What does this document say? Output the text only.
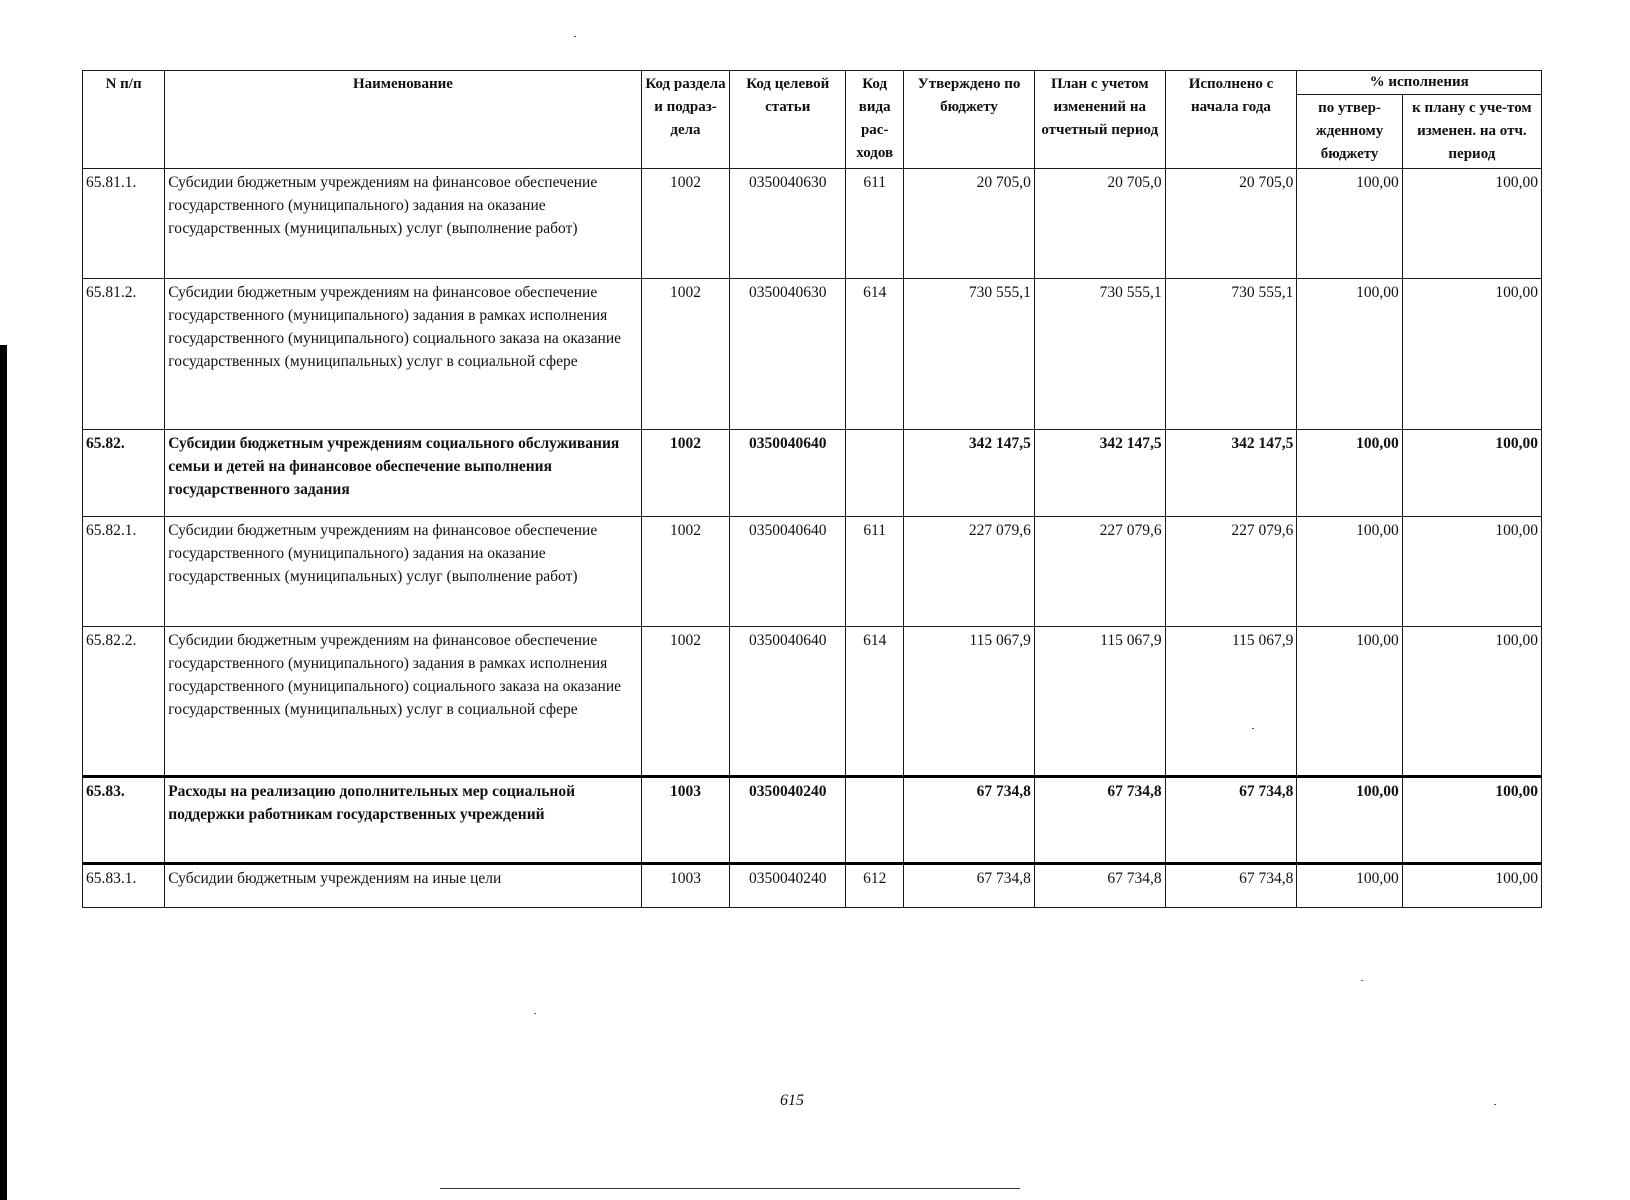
N п/п	Наименование	Код раздела и подраз-дела	Код целевой статьи	Код вида рас-ходов	Утверждено по бюджету	План с учетом изменений на отчетный период	Исполнено с начала года	% исполнения	
								по утвер-жденному бюджету	к плану с уче-том изменен. на отч. период
65.81.1.	Субсидии бюджетным учреждениям на финансовое обеспечение государственного (муниципального) задания на оказание государственных (муниципальных) услуг (выполнение работ)	1002	0350040630	611	20 705,0	20 705,0	20 705,0	100,00	100,00
65.81.2.	Субсидии бюджетным учреждениям на финансовое обеспечение государственного (муниципального) задания в рамках исполнения государственного (муниципального) социального заказа на оказание государственных (муниципальных) услуг в социальной сфере	1002	0350040630	614	730 555,1	730 555,1	730 555,1	100,00	100,00
65.82.	Субсидии бюджетным учреждениям социального обслуживания семьи и детей на финансовое обеспечение выполнения государственного задания	1002	0350040640		342 147,5	342 147,5	342 147,5	100,00	100,00
65.82.1.	Субсидии бюджетным учреждениям на финансовое обеспечение государственного (муниципального) задания на оказание государственных (муниципальных) услуг (выполнение работ)	1002	0350040640	611	227 079,6	227 079,6	227 079,6	100,00	100,00
65.82.2.	Субсидии бюджетным учреждениям на финансовое обеспечение государственного (муниципального) задания в рамках исполнения государственного (муниципального) социального заказа на оказание государственных (муниципальных) услуг в социальной сфере	1002	0350040640	614	115 067,9	115 067,9	115 067,9	100,00	100,00
65.83.	Расходы на реализацию дополнительных мер социальной поддержки работникам государственных учреждений	1003	0350040240		67 734,8	67 734,8	67 734,8	100,00	100,00
65.83.1.	Субсидии бюджетным учреждениям на иные цели	1003	0350040240	612	67 734,8	67 734,8	67 734,8	100,00	100,00
615
